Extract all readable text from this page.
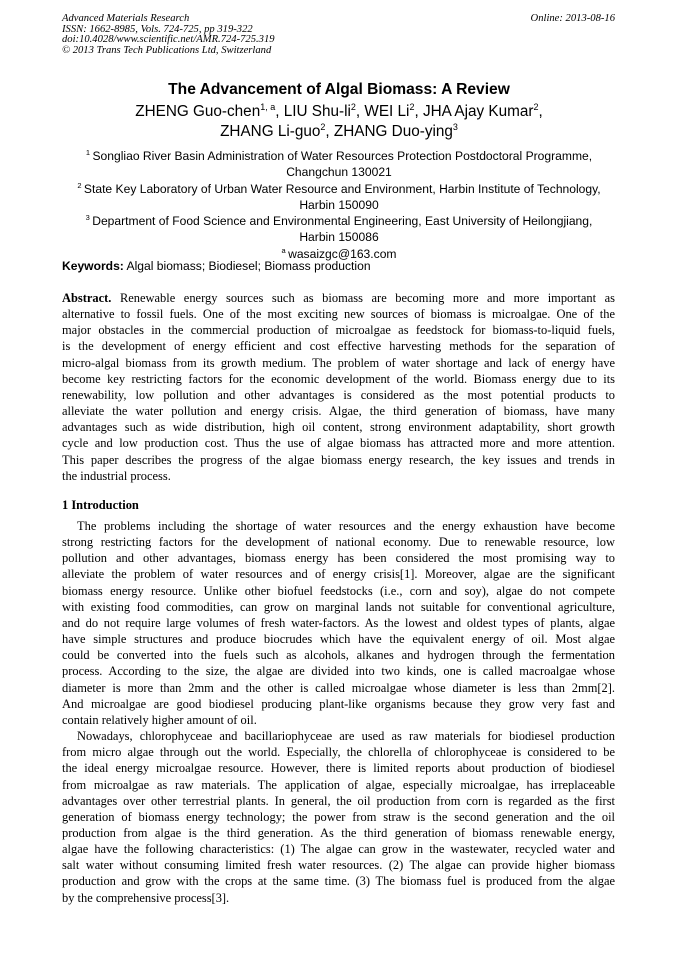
Advanced Materials Research
ISSN: 1662-8985, Vols. 724-725, pp 319-322
doi:10.4028/www.scientific.net/AMR.724-725.319
© 2013 Trans Tech Publications Ltd, Switzerland
Online: 2013-08-16
The Advancement of Algal Biomass: A Review
ZHENG Guo-chen$^{1, a}$, LIU Shu-$li^2$, WEI Li$^2$, JHA Ajay Kumar$^2$,
ZHANG Li-guo$^2$, ZHANG Duo-ying$^3$
$^1$  Songliao River Basin Administration of Water Resources Protection Postdoctoral Programme,
Changchun 130021
$^2$  State Key Laboratory of Urban Water Resource and Environment, Harbin Institute of Technology,
Harbin 150090
$^3$  Department of Food Science and Environmental Engineering, East University of Heilongjiang,
Harbin 150086
$^a$  wasaizgc@163.com
Keywords: Algal biomass; Biodiesel; Biomass production
Abstract. Renewable energy sources such as biomass are becoming more and more important as
alternative to fossil fuels. One of the most exciting new sources of biomass is microalgae. One of the
major obstacles in the commercial production of microalgae as feedstock for biomass-to-liquid fuels,
is the development of energy efficient and cost effective harvesting methods for the separation of
micro-algal biomass from its growth medium. The problem of water shortage and lack of energy have
become key restricting factors for the economic development of the world. Biomass energy due to its
renewability, low pollution and other advantages is considered as the most potential products to
alleviate the water pollution and energy crisis. Algae, the third generation of biomass, have many
advantages such as wide distribution, high oil content, strong environment adaptability, short growth
cycle and low production cost. Thus the use of algae biomass has attracted more and more attention.
This paper describes the progress of the algae biomass energy research, the key issues and trends in
the industrial process.
1 Introduction
The problems including the shortage of water resources and the energy exhaustion have become
strong restricting factors for the development of national economy. Due to renewable resource, low
pollution and other advantages, biomass energy has been considered the most promising way to
alleviate the problem of water resources and of energy crisis[1]. Moreover, algae are the significant
biomass energy resource. Unlike other biofuel feedstocks (i.e., corn and soy), algae do not compete
with existing food commodities, can grow on marginal lands not suitable for conventional agriculture,
and do not require large volumes of fresh water-factors. As the lowest and oldest types of plants, algae
have simple structures and produce biocrudes which have the equivalent energy of oil. Most algae
could be converted into the fuels such as alcohols, alkanes and hydrogen through the fermentation
process. According to the size, the algae are divided into two kinds, one is called macroalgae whose
diameter is more than 2mm and the other is called microalgae whose diameter is less than 2mm[2].
And microalgae are good biodiesel producing plant-like organisms because they grow very fast and
contain relatively higher amount of oil.
Nowadays, chlorophyceae and bacillariophyceae are used as raw materials for biodiesel production
from micro algae through out the world. Especially, the chlorella of chlorophyceae is considered to be
the ideal energy microalgae resource. However, there is limited reports about production of biodiesel
from microalgae as raw materials. The application of algae, especially microalgae, has irreplaceable
advantages over other terrestrial plants. In general, the oil production from corn is regarded as the first
generation of biomass energy technology; the power from straw is the second generation and the oil
production from algae is the third generation. As the third generation of biomass renewable energy,
algae have the following characteristics: (1) The algae can grow in the wastewater, recycled water and
salt water without consuming limited fresh water resources. (2) The algae can provide higher biomass
production and grow with the crops at the same time. (3) The biomass fuel is produced from the algae
by the comprehensive process[3].
